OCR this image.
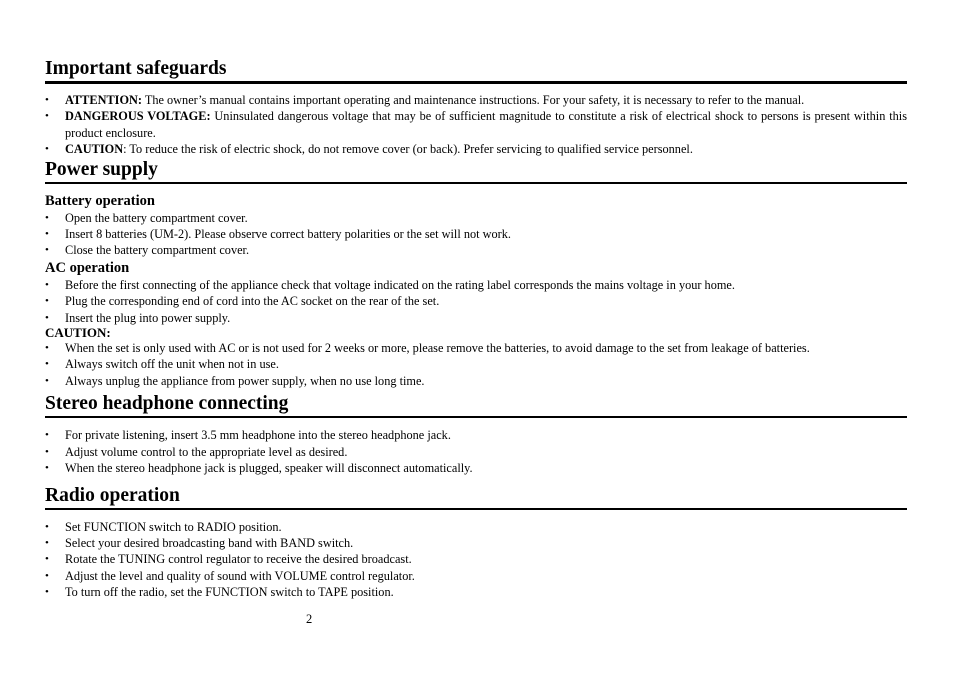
Important safeguards
• ATTENTION: The owner’s manual contains important operating and maintenance instructions. For your safety, it is necessary to refer to the manual.
• DANGEROUS VOLTAGE: Uninsulated dangerous voltage that may be of sufficient magnitude to constitute a risk of electrical shock to persons is present within this product enclosure.
• CAUTION: To reduce the risk of electric shock, do not remove cover (or back). Prefer servicing to qualified service personnel.
Power supply
Battery operation
• Open the battery compartment cover.
• Insert 8 batteries (UM-2). Please observe correct battery polarities or the set will not work.
• Close the battery compartment cover.
AC operation
• Before the first connecting of the appliance check that voltage indicated on the rating label corresponds the mains voltage in your home.
• Plug the corresponding end of cord into the AC socket on the rear of the set.
• Insert the plug into power supply.

CAUTION:

• When the set is only used with AC or is not used for 2 weeks or more, please remove the batteries, to avoid damage to the set from leakage of batteries.
• Always switch off the unit when not in use.
• Always unplug the appliance from power supply, when no use long time.
Stereo headphone connecting
• For private listening, insert 3.5 mm headphone into the stereo headphone jack.
• Adjust volume control to the appropriate level as desired.
• When the stereo headphone jack is plugged, speaker will disconnect automatically.
Radio operation
• Set FUNCTION switch to RADIO position.
• Select your desired broadcasting band with BAND switch.
• Rotate the TUNING control regulator to receive the desired broadcast.
• Adjust the level and quality of sound with VOLUME control regulator.
• To turn off the radio, set the FUNCTION switch to TAPE position.
2
